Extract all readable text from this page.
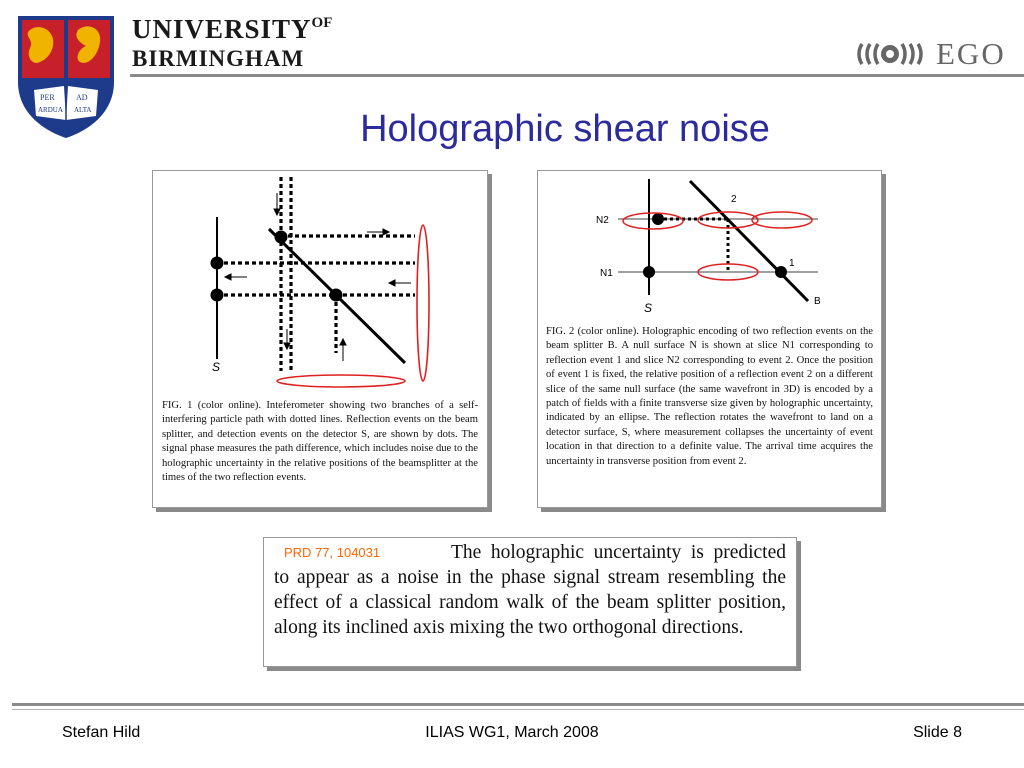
PER	AD
ARDUA ALTA
$UNIVERSITY^{OF}$
BIRMINGHAM	EGO
Holographic shear noise
S
FIG. 1 (color online). Inteferometer showing two branches of a self-interfering particle path with dotted lines. Reflection events on the beam splitter, and detection events on the detector S, are shown by dots. The signal phase measures the path difference, which includes noise due to the holographic uncertainty in the relative positions of the beamsplitter at the times of the two reflection events.
N2
N1
2
1
B
S
FIG. 2 (color online). Holographic encoding of two reflection events on the beam splitter B. A null surface N is shown at slice N1 corresponding to reflection event 1 and slice N2 corresponding to event 2. Once the position of event 1 is fixed, the relative position of a reflection event 2 on a different slice of the same null surface (the same wavefront in 3D) is encoded by a patch of fields with a finite transverse size given by holographic uncertainty, indicated by an ellipse. The reflection rotates the wavefront to land on a detector surface, S, where measurement collapses the uncertainty of event location in that direction to a definite value. The arrival time acquires the uncertainty in transverse position from event 2.
The holographic uncertainty is predicted to appear as a noise in the phase signal stream resembling the effect of a classical random walk of the beam splitter position, along its inclined axis mixing the two orthogonal directions.
PRD 77, 104031
Stefan Hild	ILIAS WG1, March 2008	Slide 8
